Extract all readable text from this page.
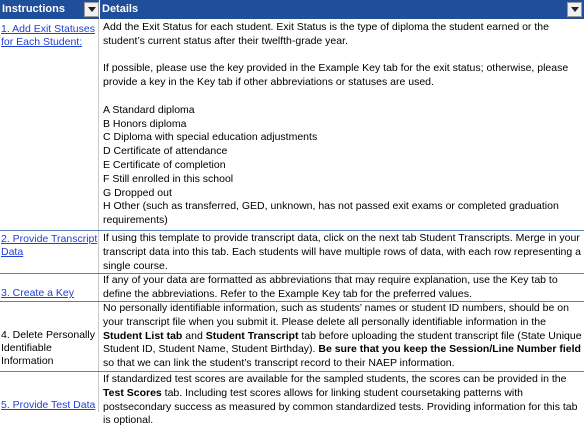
Instructions	Details
1. Add Exit Statuses for Each Student:
Add the Exit Status for each student. Exit Status is the type of diploma the student earned or the student’s current status after their twelfth-grade year.
If possible, please use the key provided in the Example Key tab for the exit status; otherwise, please provide a key in the Key tab if other abbreviations or statuses are used.
A Standard diploma
B Honors diploma
C Diploma with special education adjustments
D Certificate of attendance
E Certificate of completion
F Still enrolled in this school
G Dropped out
H Other (such as transferred, GED, unknown, has not passed exit exams or completed graduation requirements)
2. Provide Transcript Data
If using this template to provide transcript data, click on the next tab Student Transcripts. Merge in your transcript data into this tab. Each students will have multiple rows of data, with each row representing a single course.
3. Create a Key
If any of your data are formatted as abbreviations that may require explanation, use the Key tab to define the abbreviations. Refer to the Example Key tab for the preferred values.
4. Delete Personally Identifiable Information
No personally identifiable information, such as students’ names or student ID numbers, should be on your transcript file when you submit it. Please delete all personally identifiable information in the Student List tab and Student Transcript tab before uploading the student transcript file (State Unique Student ID, Student Name, Student Birthday). Be sure that you keep the Session/Line Number field so that we can link the student’s transcript record to their NAEP information.
5. Provide Test Data
If standardized test scores are available for the sampled students, the scores can be provided in the Test Scores tab. Including test scores allows for linking student coursetaking patterns with postsecondary success as measured by common standardized tests. Providing information for this tab is optional.
